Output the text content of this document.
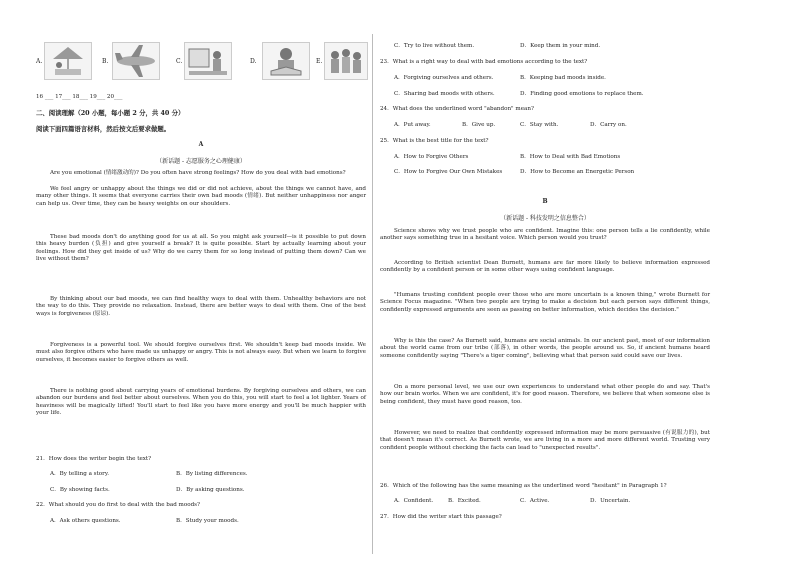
A.	B.	C.	D.	E.
16 ___ 17___ 18___ 19___ 20___
二、阅读理解（20 小题，每小题 2 分，共 40 分）
阅读下面四篇语言材料，然后按文后要求做题。
A
（新话题 - 志愿服务之心理健康）
Are you emotional (情绪激动的)? Do you often have strong feelings? How do you deal with bad emotions?
We feel angry or unhappy about the things we did or did not achieve, about the things we cannot have, and many other things. It seems that everyone carries their own bad moods (情绪). But neither unhappiness nor anger can help us. Over time, they can be heavy weights on our shoulders.
These bad moods don't do anything good for us at all. So you might ask yourself—is it possible to put down this heavy burden (负担) and give yourself a break? It is quite possible. Start by actually learning about your feelings. How did they get inside of us? Why do we carry them for so long instead of putting them down? Can we live without them?
By thinking about our bad moods, we can find healthy ways to deal with them. Unhealthy behaviors are not the way to do this. They provide no relaxation. Instead, there are better ways to deal with them. One of the best ways is forgiveness (原谅).
Forgiveness is a powerful tool. We should forgive ourselves first. We shouldn't keep bad moods inside. We must also forgive others who have made us unhappy or angry. This is not always easy. But when we learn to forgive ourselves, it becomes easier to forgive others as well.
There is nothing good about carrying years of emotional burdens. By forgiving ourselves and others, we can abandon our burdens and feel better about ourselves. When you do this, you will start to feel a lot lighter. Years of heaviness will be magically lifted! You'll start to feel like you have more energy and you'll be much happier with your life.
21．How does the writer begin the text?
A．By telling a story.	B．By listing differences.
C．By showing facts.	D．By asking questions.
22．What should you do first to deal with the bad moods?
A．Ask others questions.	B．Study your moods.
C．Try to live without them.	D．Keep them in your mind.
23．What is a right way to deal with bad emotions according to the text?
A．Forgiving ourselves and others.	B．Keeping bad moods inside.
C．Sharing bad moods with others.	D．Finding good emotions to replace them.
24．What does the underlined word "abandon" mean?
A．Put away.	B．Give up.	C．Stay with.	D．Carry on.
25．What is the best title for the text?
A．How to Forgive Others	B．How to Deal with Bad Emotions
C．How to Forgive Our Own Mistakes	D．How to Become an Energetic Person
B
（新话题 - 科技发明之信息整合）
Science shows why we trust people who are confident. Imagine this: one person tells a lie confidently, while another says something true in a hesitant voice. Which person would you trust?
According to British scientist Dean Burnett, humans are far more likely to believe information expressed confidently by a confident person or in some other ways using confident language.
"Humans trusting confident people over those who are more uncertain is a known thing," wrote Burnett for Science Focus magazine. "When two people are trying to make a decision but each person says different things, confidently expressed arguments are seen as passing on better information, which decides the decision."
Why is this the case? As Burnett said, humans are social animals. In our ancient past, most of our information about the world came from our tribe (部落), in other words, the people around us. So, if ancient humans heard someone confidently saying "There's a tiger coming", believing what that person said could save our lives.
On a more personal level, we use our own experiences to understand what other people do and say. That's how our brain works. When we are confident, it's for good reason. Therefore, we believe that when someone else is being confident, they must have good reason, too.
However, we need to realize that confidently expressed information may be more persuasive (有说服力的), but that doesn't mean it's correct. As Burnett wrote, we are living in a more and more different world. Trusting very confident people without checking the facts can lead to "unexpected results".
26．Which of the following has the same meaning as the underlined word "hesitant" in Paragraph 1?
A．Confident.	B．Excited.	C．Active.	D．Uncertain.
27．How did the writer start this passage?
